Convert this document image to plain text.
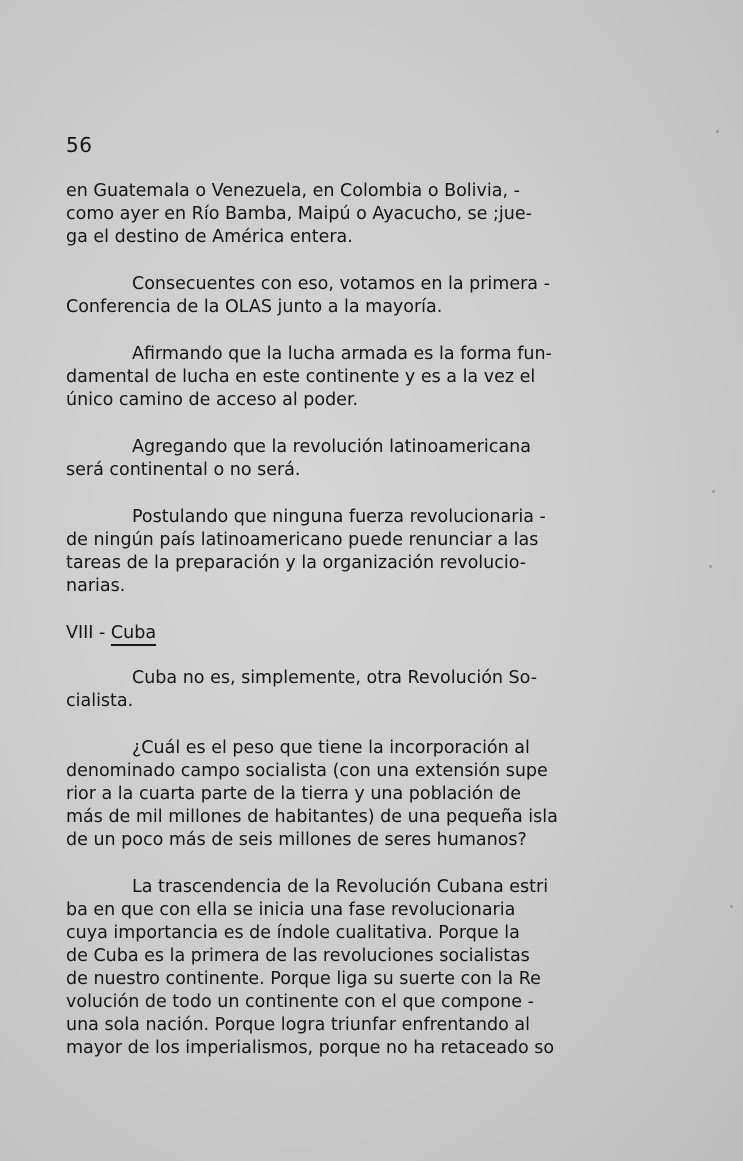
56
en Guatemala o Venezuela, en Colombia o Bolivia, -
como ayer en Río Bamba, Maipú o Ayacucho, se ;jue-
ga el destino de América entera.
Consecuentes con eso, votamos en la primera -
Conferencia de la OLAS junto a la mayoría.
Afirmando que la lucha armada es la forma fun-
damental de lucha en este continente y es a la vez el
único camino de acceso al poder.
Agregando que la revolución latinoamericana
será continental o no será.
Postulando que ninguna fuerza revolucionaria -
de ningún país latinoamericano puede renunciar a las
tareas de la preparación y la organización revolucio-
narias.
VIII - Cuba
Cuba no es, simplemente, otra Revolución So-
cialista.
¿Cuál es el peso que tiene la incorporación al
denominado campo socialista (con una extensión supe
rior a la cuarta parte de la tierra y una población de
más de mil millones de habitantes) de una pequeña isla
de un poco más de seis millones de seres humanos?
La trascendencia de la Revolución Cubana estri
ba en que con ella se inicia una fase revolucionaria
cuya importancia es de índole cualitativa. Porque la
de Cuba es la primera de las revoluciones socialistas
de nuestro continente. Porque liga su suerte con la Re
volución de todo un continente con el que compone -
una sola nación. Porque logra triunfar enfrentando al
mayor de los imperialismos, porque no ha retaceado so
